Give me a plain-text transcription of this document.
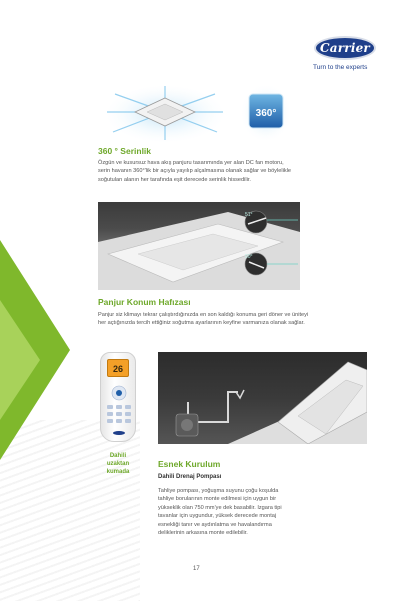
Carrier
Turn to the experts
360°
360 ° Serinlik
Özgün ve kusursuz hava akış panjuru tasarımında yer alan DC fan motoru,
serin havanın 360°'lik bir açıyla yayılıp alçalmasına olanak sağlar ve böylelikle
soğutulan alanın her tarafında eşit derecede serinlik hissedilir.
51°
90°
Panjur Konum Hafızası
Panjur siz klimayı tekrar çalıştırdığınızda en son kaldığı konuma geri döner ve üniteyi
her açtığınızda tercih ettiğiniz soğutma ayarlarının keyfine varmanıza olanak sağlar.
26
Dahili
uzaktan
kumada
Esnek Kurulum
Dahili Drenaj Pompası
Tahliye pompası, yoğuşma suyunu çoğu koşulda
tahliye borularının monte edilmesi için uygun bir
yükseklik olan 750 mm'ye dek basabilir. Izgara tipi
tavanlar için uygundur, yüksek derecede montaj
esnekliği tanır ve aydınlatma ve havalandırma
deliklerinin arkasına monte edilebilir.
17
